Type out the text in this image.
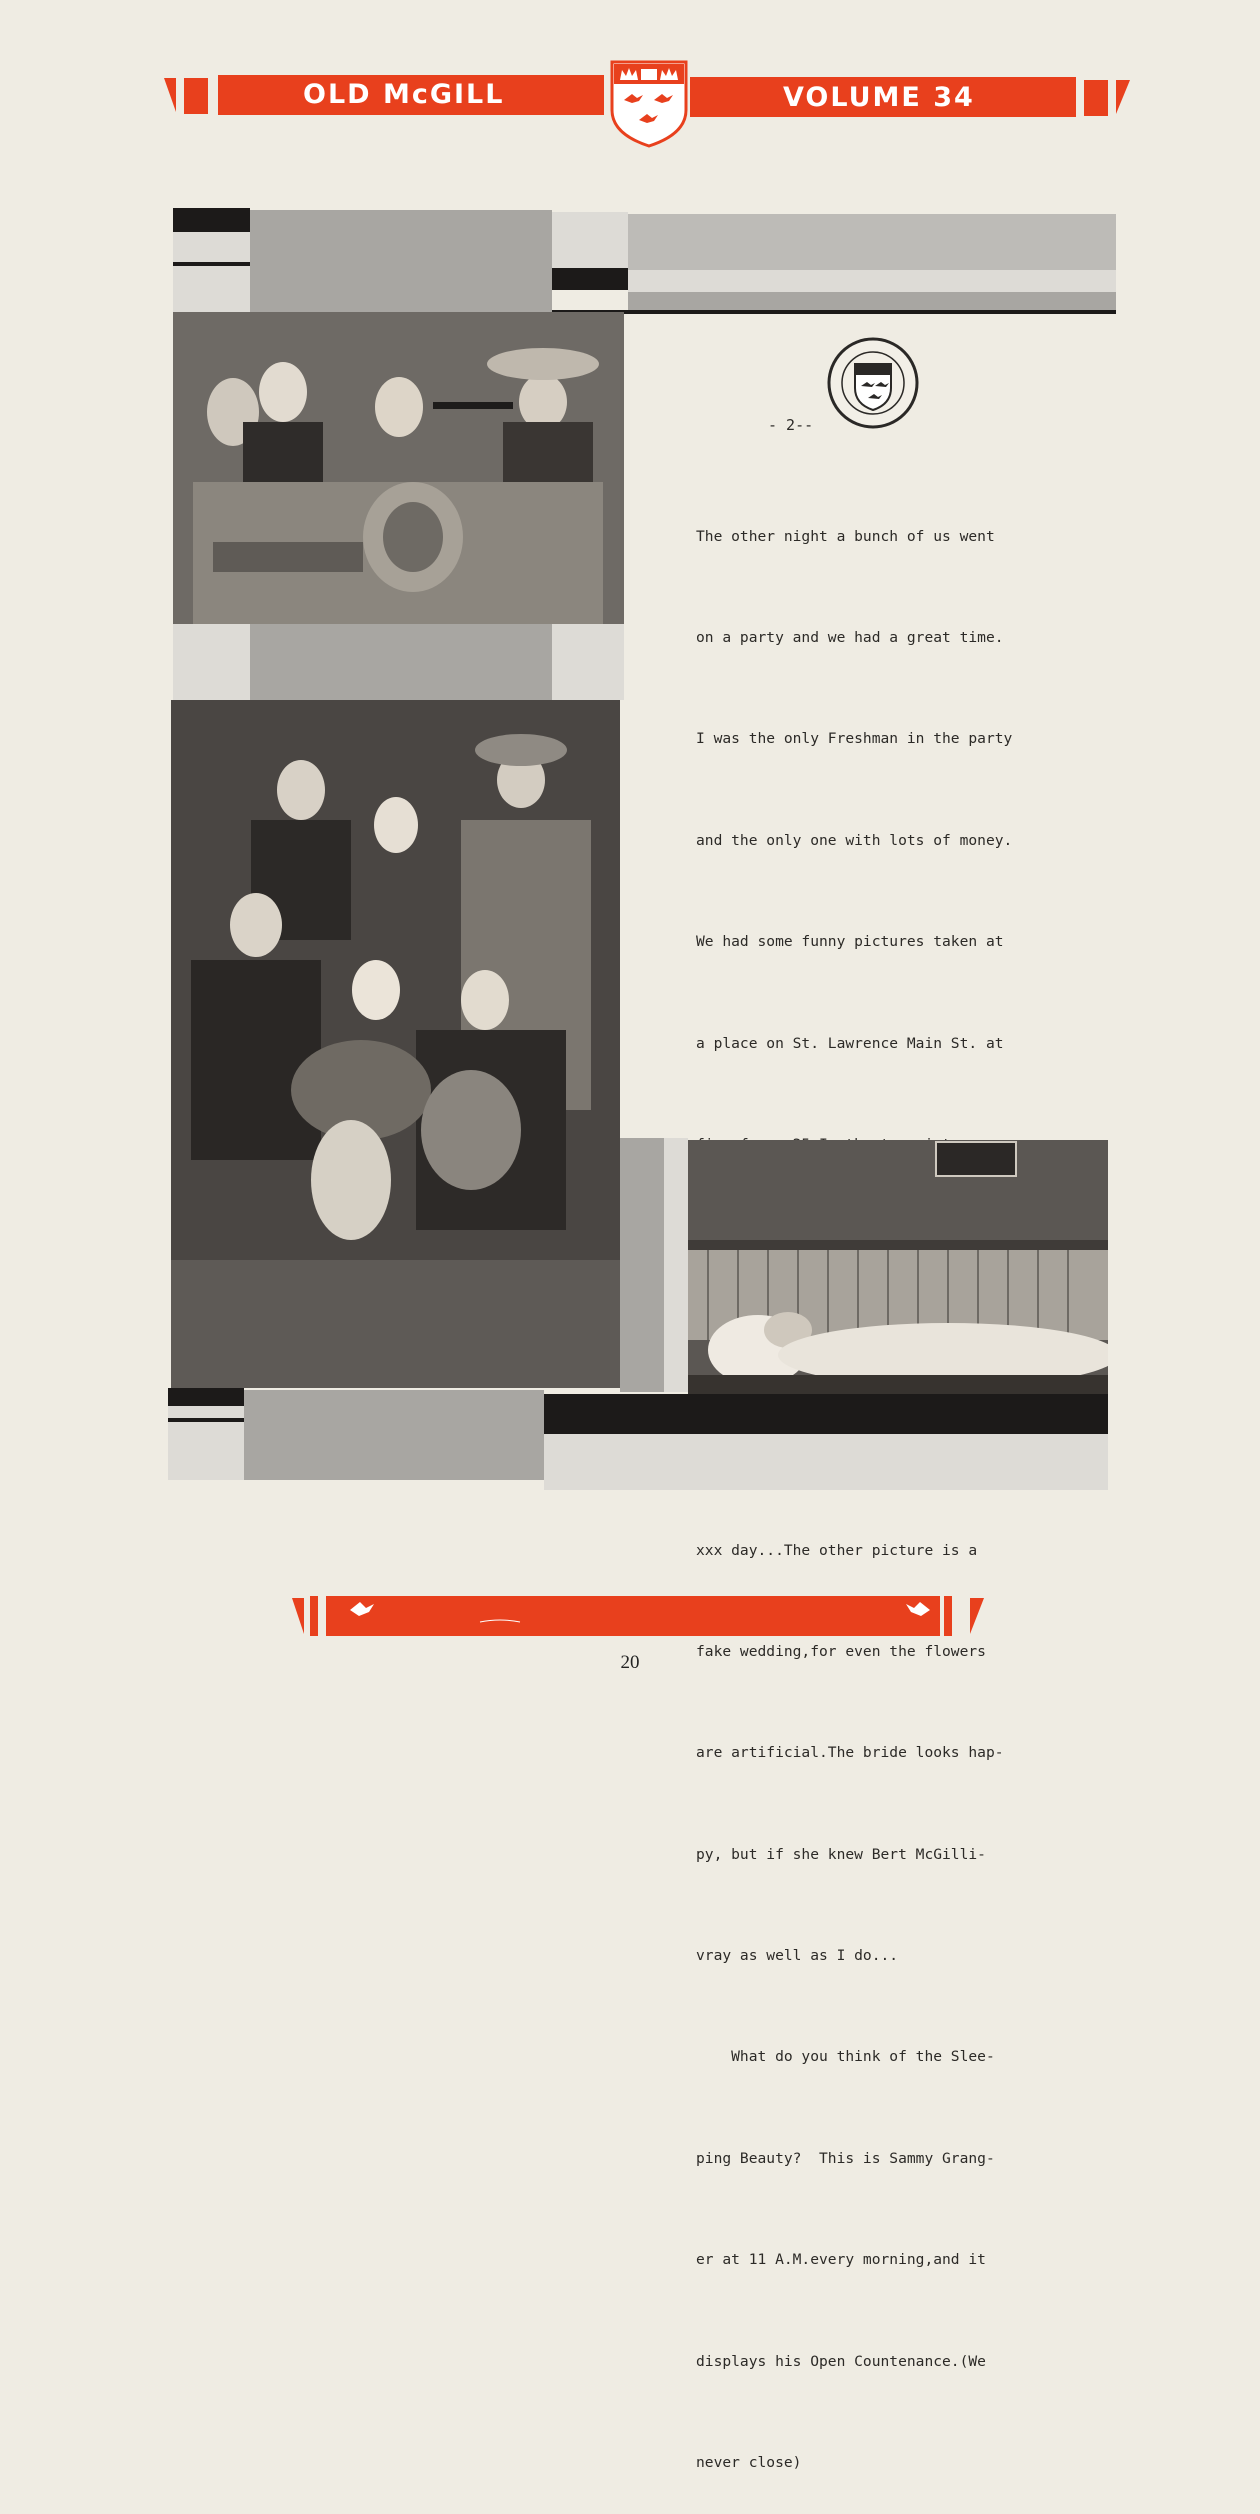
OLD McGILL	VOLUME 34
- 2--

The other night a bunch of us went

on a party and we had a great time.

I was the only Freshman in the party

and the only one with lots of money.

We had some funny pictures taken at

a place on St. Lawrence Main St. at

xxx day...The other picture is a

fake wedding,for even the flowers

are artificial.The bride looks hap-

py, but if she knew Bert McGilli-

vray as well as I do...

What do you think of the Slee-

ping Beauty?  This is Sammy Grang-

er at 11 A.M.every morning,and it

displays his Open Countenance.(We

never close)

20
